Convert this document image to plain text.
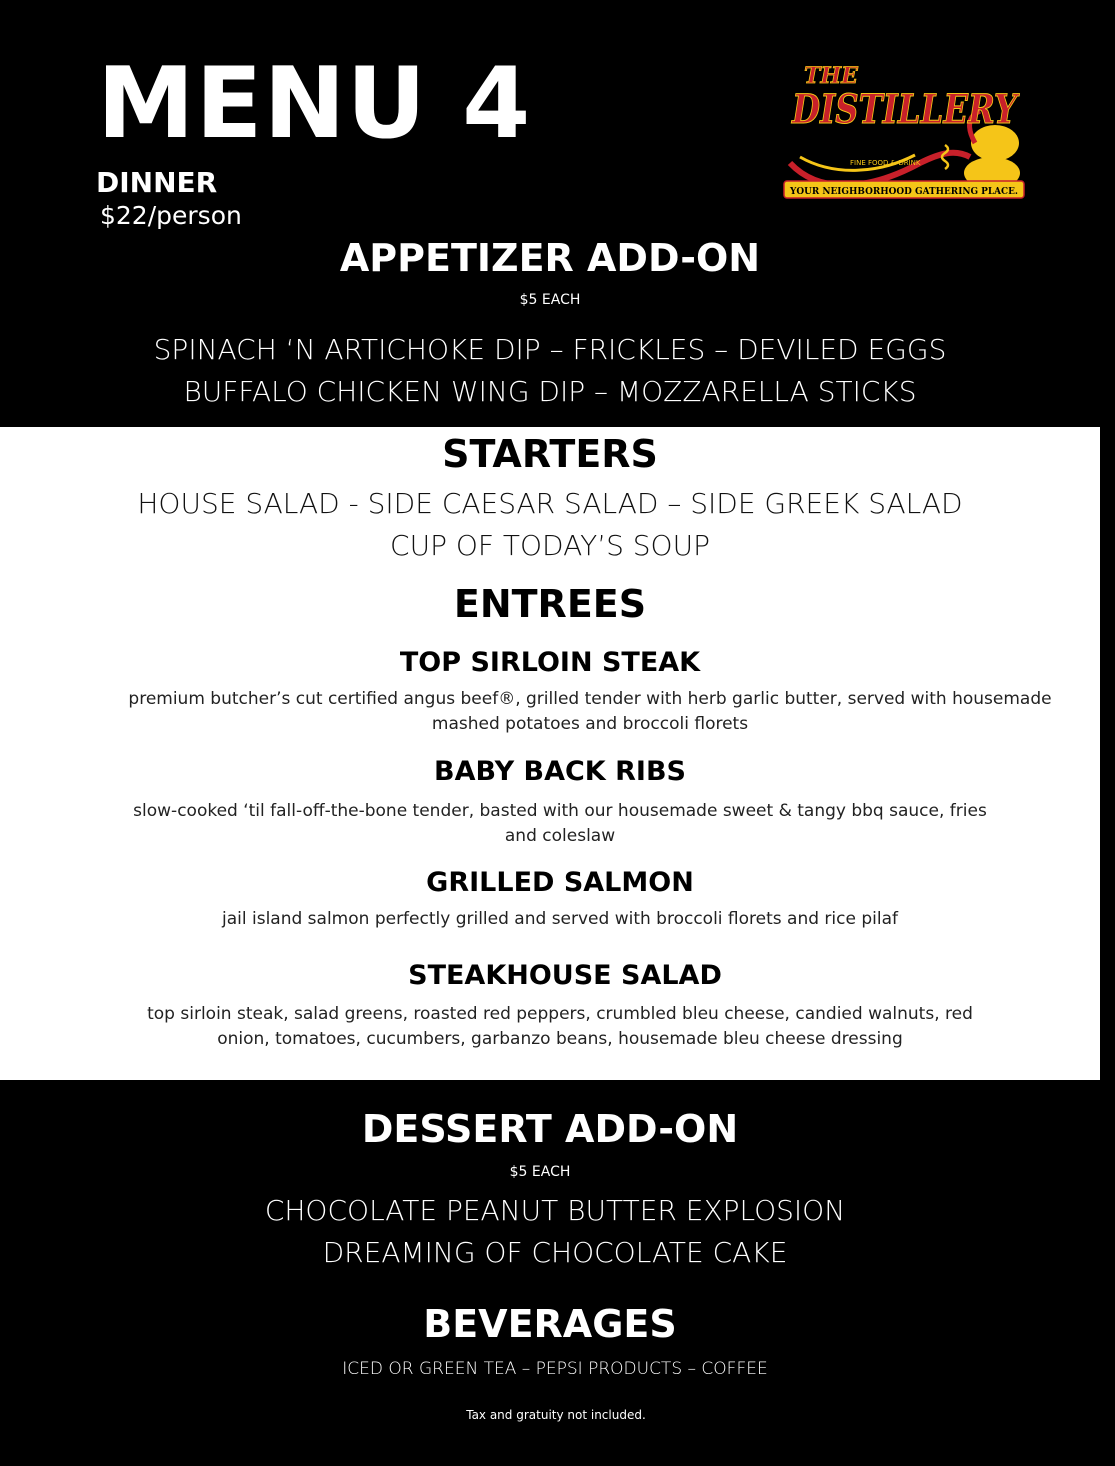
MENU 4
DINNER
$22/person
THE
DISTILLERY
FINE FOOD & DRINK
YOUR NEIGHBORHOOD GATHERING PLACE.
APPETIZER ADD-ON
$5 EACH
SPINACH ‘N ARTICHOKE DIP – FRICKLES – DEVILED EGGS
BUFFALO CHICKEN WING DIP – MOZZARELLA STICKS
STARTERS
HOUSE SALAD - SIDE CAESAR SALAD – SIDE GREEK SALAD
CUP OF TODAY’S SOUP
ENTREES
TOP SIRLOIN STEAK
premium butcher’s cut certified angus beef®, grilled tender with herb garlic butter, served with housemade
mashed potatoes and broccoli florets
BABY BACK RIBS
slow-cooked ‘til fall-off-the-bone tender, basted with our housemade sweet & tangy bbq sauce, fries
and coleslaw
GRILLED SALMON
jail island salmon perfectly grilled and served with broccoli florets and rice pilaf
STEAKHOUSE SALAD
top sirloin steak, salad greens, roasted red peppers, crumbled bleu cheese, candied walnuts, red
onion, tomatoes, cucumbers, garbanzo beans, housemade bleu cheese dressing
DESSERT ADD-ON
$5 EACH
CHOCOLATE PEANUT BUTTER EXPLOSION
DREAMING OF CHOCOLATE CAKE
BEVERAGES
ICED OR GREEN TEA – PEPSI PRODUCTS – COFFEE
Tax and gratuity not included.
